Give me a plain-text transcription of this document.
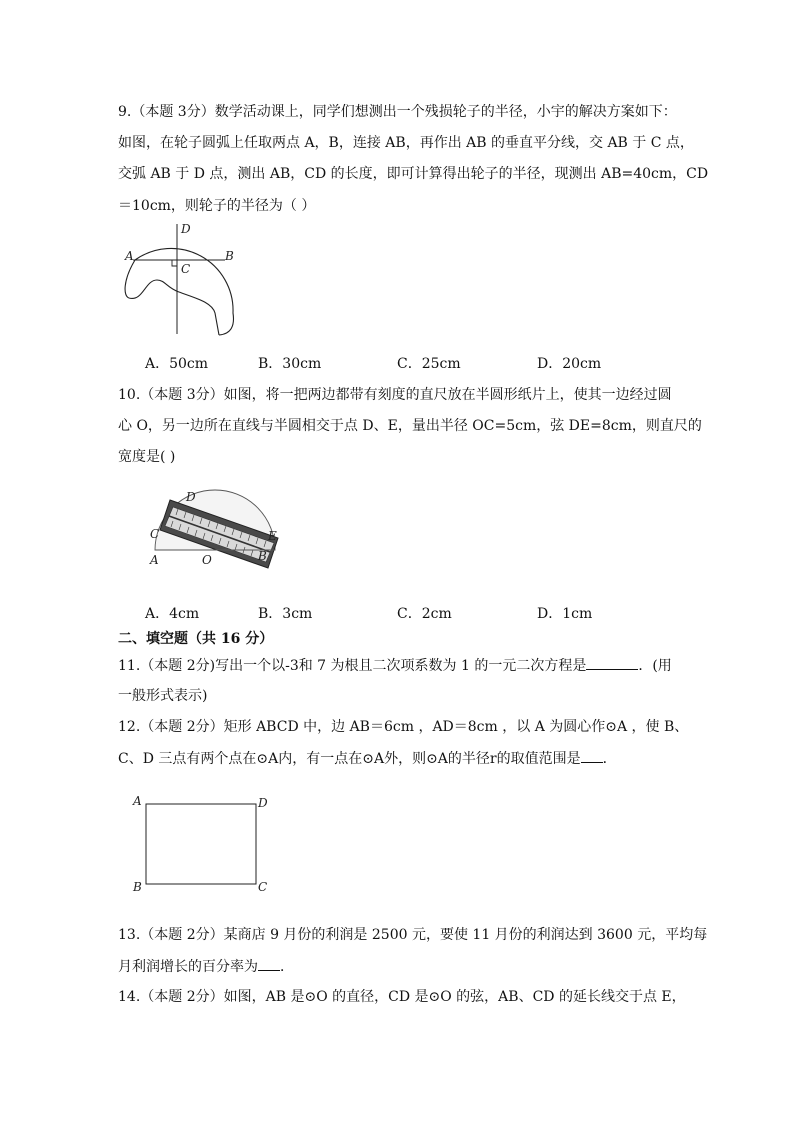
9.（本题 3分）数学活动课上，同学们想测出一个残损轮子的半径，小宇的解决方案如下：
如图，在轮子圆弧上任取两点 A，B，连接 AB，再作出 AB 的垂直平分线，交 AB 于 C 点，
交弧 AB 于 D 点，测出 AB，CD 的长度，即可计算得出轮子的半径，现测出 AB=40cm，CD
＝10cm，则轮子的半径为（ ）
A	B
C
D
A．50cm	B．30cm	C．25cm	D．20cm
10.（本题 3分）如图，将一把两边都带有刻度的直尺放在半圆形纸片上，使其一边经过圆
心 O，另一边所在直线与半圆相交于点 D、E，量出半径 OC=5cm，弦 DE=8cm，则直尺的
宽度是( )
D
E
C
A	O	B
A．4cm	B．3cm	C．2cm	D．1cm
二、填空题（共 16 分）
11.（本题 2分)写出一个以-3和 7 为根且二次项系数为 1 的一元二次方程是	．(用
一般形式表示)
12.（本题 2分）矩形 ABCD 中，边 AB＝6cm ，AD＝8cm ，以 A 为圆心作⊙A ，使 B、
C、D 三点有两个点在⊙A内，有一点在⊙A外，则⊙A的半径r的取值范围是 ．
A	D
B	C
13.（本题 2分）某商店 9 月份的利润是 2500 元，要使 11 月份的利润达到 3600 元，平均每
月利润增长的百分率为 ．
14.（本题 2分）如图，AB 是⊙O 的直径，CD 是⊙O 的弦，AB、CD 的延长线交于点 E，
